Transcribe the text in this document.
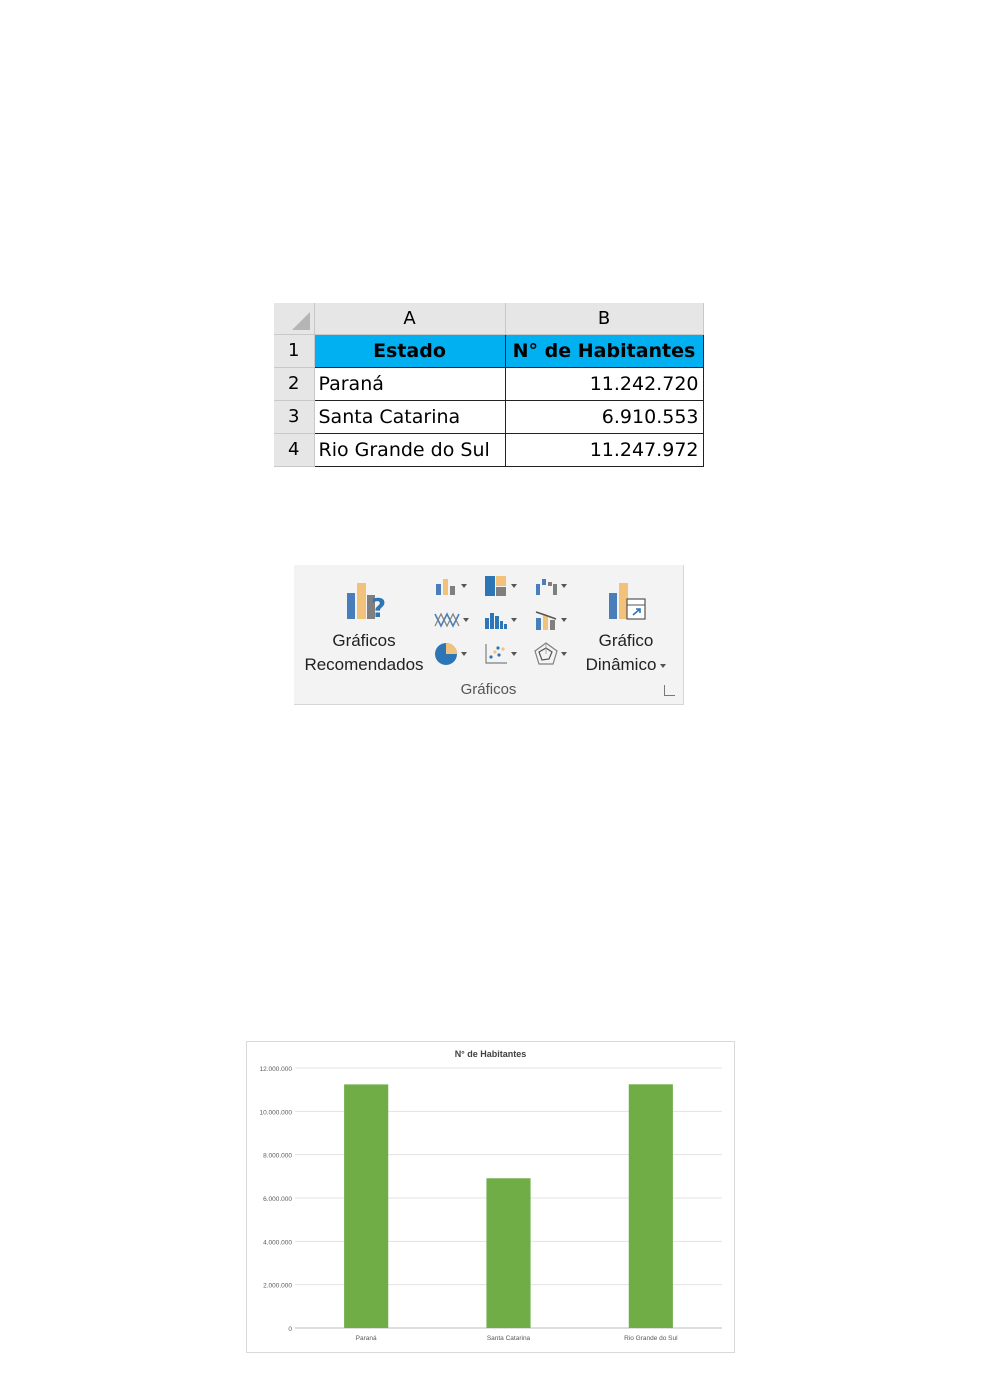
	A	B
1	Estado	N° de Habitantes
2	Paraná	11.242.720
3	Santa Catarina	6.910.553
4	Rio Grande do Sul	11.247.972
?
Gráficos
Recomendados
Gráfico
Dinâmico
Gráficos
N° de Habitantes
0
2.000.000
4.000.000
6.000.000
8.000.000
10.000.000
12.000.000
Paraná	Santa Catarina	Rio Grande do Sul
